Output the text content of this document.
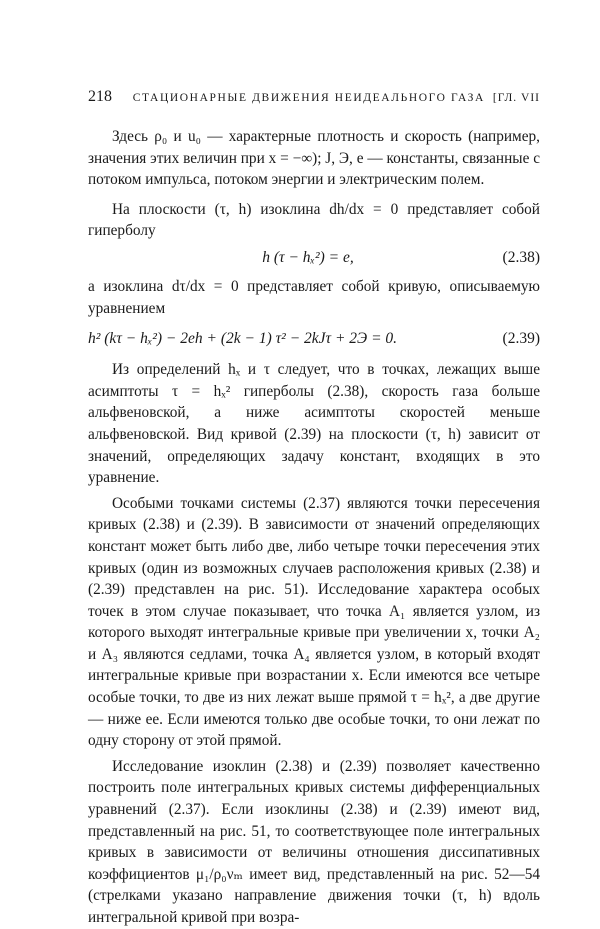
218	СТАЦИОНАРНЫЕ ДВИЖЕНИЯ НЕИДЕАЛЬНОГО ГАЗА [ГЛ. VII

Здесь ρ₀ и u₀ — характерные плотность и скорость (например, значения этих величин при x = −∞); J, Э, e — константы, связанные с потоком импульса, потоком энергии и электрическим полем.

На плоскости (τ, h) изоклина dh/dx = 0 представляет собой гиперболу

h (τ − hₓ²) = e,	(2.38)

а изоклина dτ/dx = 0 представляет собой кривую, описываемую уравнением

h² (kτ − hₓ²) − 2eh + (2k − 1) τ² − 2kJτ + 2Э = 0.	(2.39)

Из определений hₓ и τ следует, что в точках, лежащих выше асимптоты τ = hₓ² гиперболы (2.38), скорость газа больше альфвеновской, а ниже асимптоты скоростей меньше альфвеновской. Вид кривой (2.39) на плоскости (τ, h) зависит от значений, определяющих задачу констант, входящих в это уравнение.

Особыми точками системы (2.37) являются точки пересечения кривых (2.38) и (2.39). В зависимости от значений определяющих констант может быть либо две, либо четыре точки пересечения этих кривых (один из возможных случаев расположения кривых (2.38) и (2.39) представлен на рис. 51). Исследование характера особых точек в этом случае показывает, что точка A₁ является узлом, из которого выходят интегральные кривые при увеличении x, точки A₂ и A₃ являются седлами, точка A₄ является узлом, в который входят интегральные кривые при возрастании x. Если имеются все четыре особые точки, то две из них лежат выше прямой τ = hₓ², а две другие — ниже ее. Если имеются только две особые точки, то они лежат по одну сторону от этой прямой.

Исследование изоклин (2.38) и (2.39) позволяет качественно построить поле интегральных кривых системы дифференциальных уравнений (2.37). Если изоклины (2.38) и (2.39) имеют вид, представленный на рис. 51, то соответствующее поле интегральных кривых в зависимости от величины отношения диссипативных коэффициентов μ₁/ρ₀νₘ имеет вид, представленный на рис. 52—54 (стрелками указано направление движения точки (τ, h) вдоль интегральной кривой при возра-
